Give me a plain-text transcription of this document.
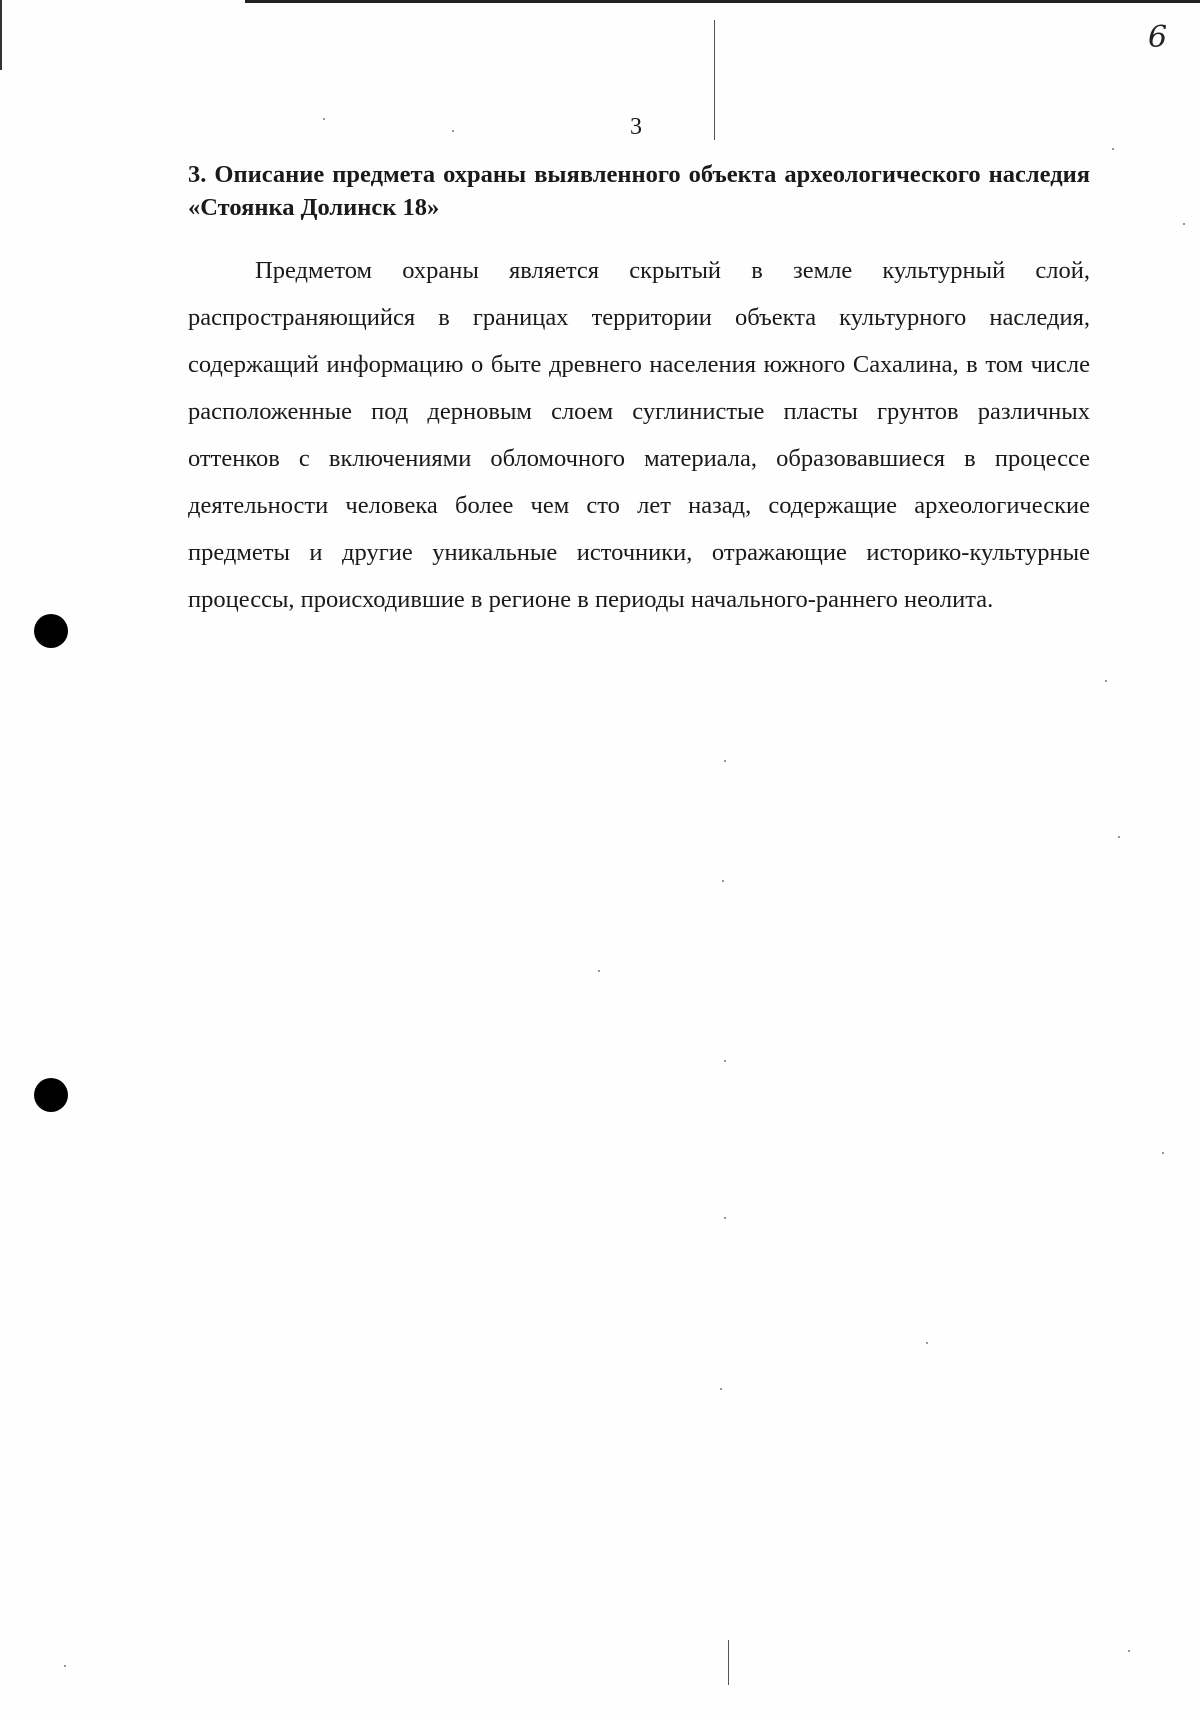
6
3

3. Описание предмета охраны выявленного объекта археологического наследия «Стоянка Долинск 18»

Предметом охраны является скрытый в земле культурный слой, распространяющийся в границах территории объекта культурного наследия, содержащий информацию о быте древнего населения южного Сахалина, в том числе расположенные под дерновым слоем суглинистые пласты грунтов различных оттенков с включениями обломочного материала, образовавшиеся в процессе деятельности человека более чем сто лет назад, содержащие археологические предметы и другие уникальные источники, отражающие историко-культурные процессы, происходившие в регионе в периоды начального-раннего неолита.
